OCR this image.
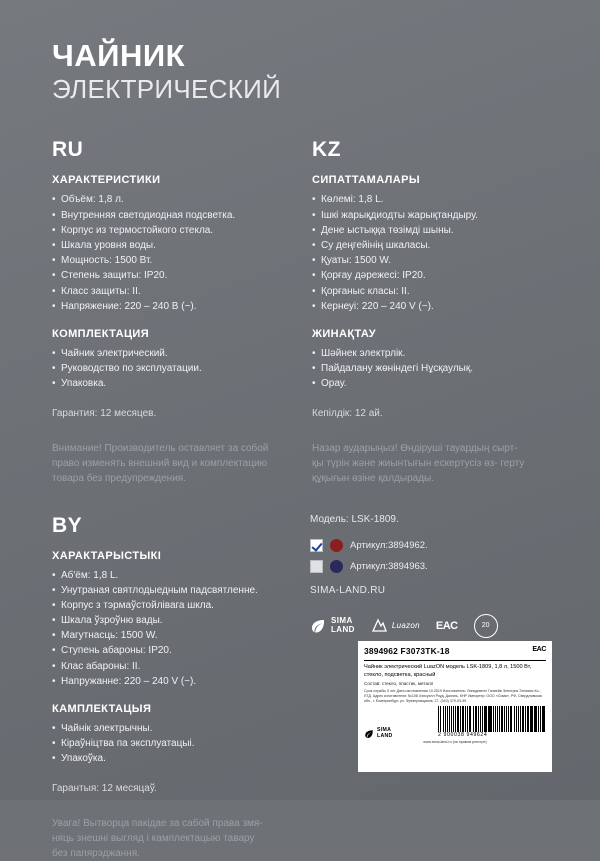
ЧАЙНИК
ЭЛЕКТРИЧЕСКИЙ
RU
ХАРАКТЕРИСТИКИ
• Объём: 1,8 л.
• Внутренняя светодиодная подсветка.
• Корпус из термостойкого стекла.
• Шкала уровня воды.
• Мощность: 1500 Вт.
• Степень защиты: IP20.
• Класс защиты: II.
• Напряжение: 220 – 240 В (~).
КОМПЛЕКТАЦИЯ
• Чайник электрический.
• Руководство по эксплуатации.
• Упаковка.
Гарантия: 12 месяцев.
Внимание! Производитель оставляет за собой право изменять внешний вид и комплектацию товара без предупреждения.
KZ
СИПАТТАМАЛАРЫ
• Көлемі: 1,8 L.
• Ішкі жарықдиодты жарықтандыру.
• Дене ыстыққа төзімді шыны.
• Су деңгейінің шкаласы.
• Қуаты: 1500 W.
• Қорғау дәрежесі: IP20.
• Қорғаныс класы: II.
• Кернеуі: 220 – 240 V (~).
ЖИНАҚТАУ
• Шәйнек электрлік.
• Пайдалану жөніндегі Нұсқаулық.
• Орау.
Кепілдік: 12 ай.
Назар аударыңыз! Өндіруші тауардың сырт- қы түрін және жиынтығын ескертусіз өз- герту құқығын өзіне қалдырады.
BY
ХАРАКТАРЫСТЫКІ
• Аб'ём: 1,8 L.
• Унутраная святлодыедным падсвятленне.
• Корпус з тэрмаўстойлівага шкла.
• Шкала ўзроўню вады.
• Магутнасць: 1500 W.
• Ступень абароны: IP20.
• Клас абароны: II.
• Напружанне: 220 – 240 V (~).
КАМПЛЕКТАЦЫЯ
• Чайнік электрычны.
• Кіраўніцтва па эксплуатацыі.
• Упакоўка.
Гарантыя: 12 месяцаў.
Увага! Вытворца пакідае за сабой права змя- няць знешні выгляд і камплектацыю тавару без папярэджання.
Модель: LSK-1809.
Артикул:3894962.
Артикул:3894963.
SIMA-LAND.RU
SIMA
LAND	Luazon EAC	20
3894962 F3073TK-18	EAC
Чайник электрический LuazON модель LSK-1809, 1,8 л, 1500 Вт, стекло, подсветка, красный
Состав: стекло, пластик, металл
Срок службы 5 лет Дата изготовления 10.2019 Изготовитель: Линкдевелл Галвейв Электрик Эплианс Ко., ЛТД. Адрес изготовителя: №108 Хэнсуэлл Роуд, Далянь, КНР Импортер: ООО «Сима», РФ, Свердловская обл., г. Екатеринбург, ул. Фрезеровщиков, 27, (343) 379-03-95
SIMA
LAND	2 900038 949624
www.sima-land.ru (на правом реестре)
